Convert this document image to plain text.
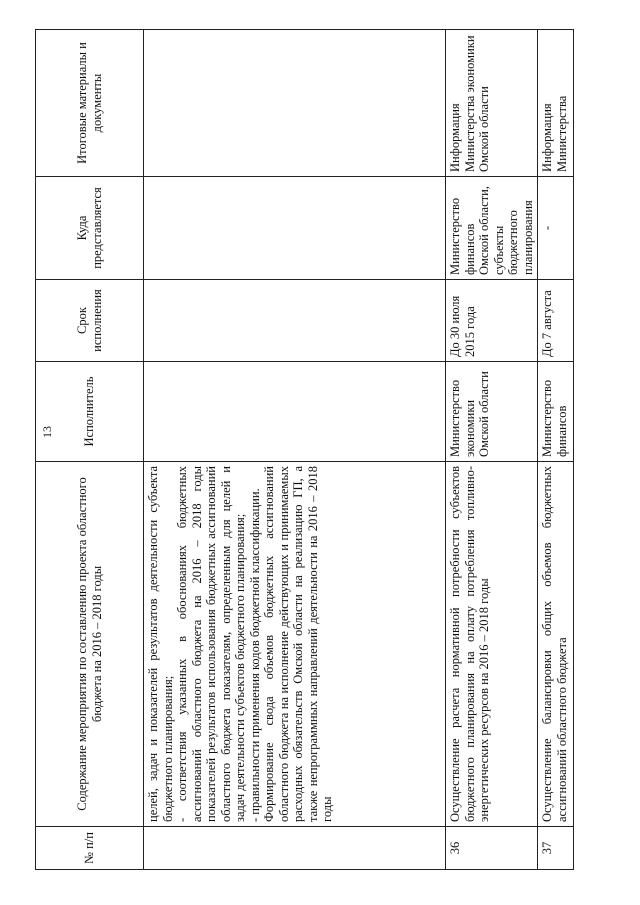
13
№ п/п	Содержание мероприятия по составлению проекта областного бюджета на 2016 – 2018 годы	Исполнитель	Срок исполнения	Куда представляется	Итоговые материалы и документы

	целей, задач и показателей результатов деятельности субъекта бюджетного планирования; - соответствия указанных в обоснованиях бюджетных ассигнований областного бюджета на 2016 – 2018 годы показателей результатов использования бюджетных ассигнований областного бюджета показателям, определенным для целей и задач деятельности субъектов бюджетного планирования; - правильности применения кодов бюджетной классификации. Формирование свода объемов бюджетных ассигнований областного бюджета на исполнение действующих и принимаемых расходных обязательств Омской области на реализацию ГП, а также непрограммных направлений деятельности на 2016 – 2018 годы				

36	Осуществление расчета нормативной потребности субъектов бюджетного планирования на оплату потребления топливно-энергетических ресурсов на 2016 – 2018 годы	Министерство экономики Омской области	До 30 июля 2015 года	Министерство финансов Омской области, субъекты бюджетного планирования	Информация Министерства экономики Омской области
37	Осуществление балансировки общих объемов бюджетных ассигнований областного бюджета	Министерство финансов	До 7 августа	-	Информация Министерства
